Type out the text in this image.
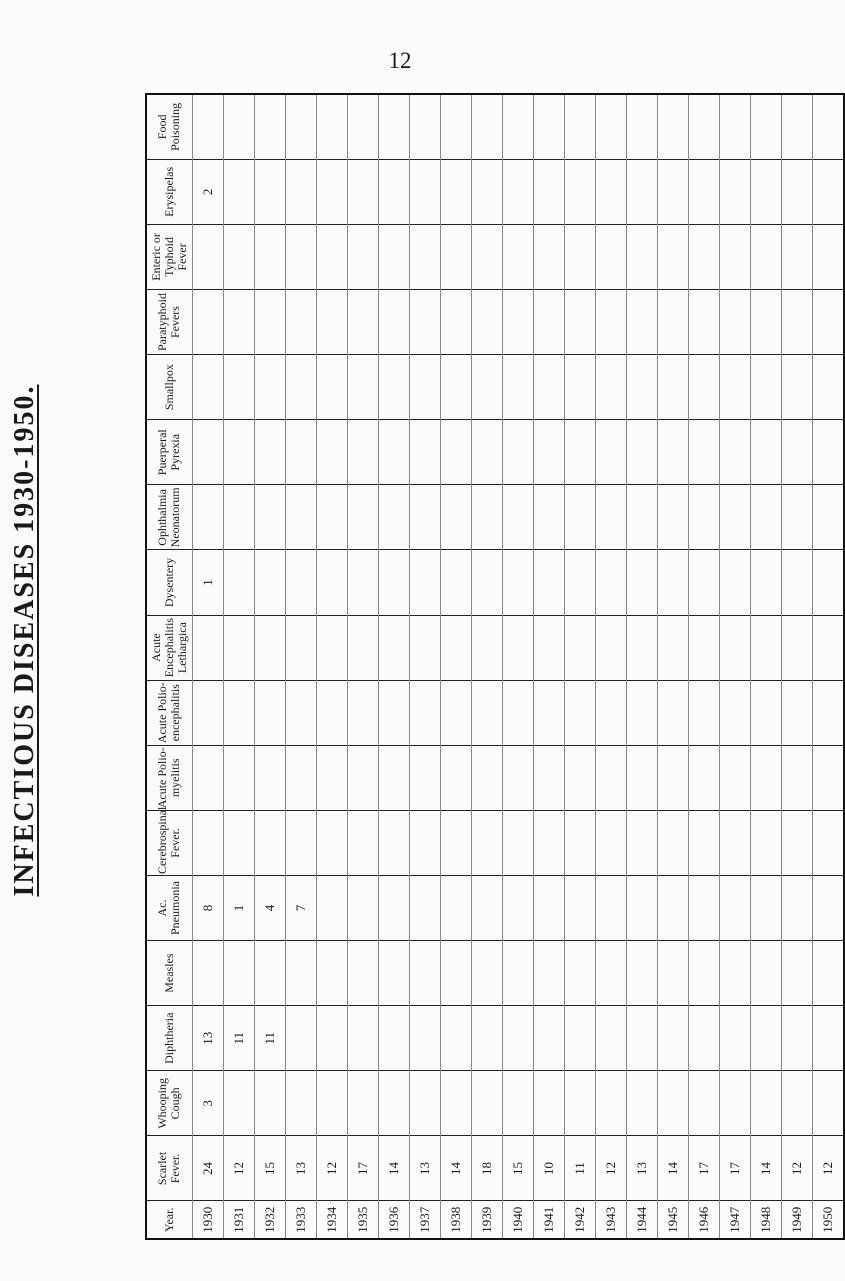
12
INFECTIOUS DISEASES 1930-1950.
Year.	Scarlet Fever.	Whooping Cough	Diphtheria	Measles	Ac. Pneumonia	Cerebrospinal Fever.	Acute Polio-myelitis	Acute Polio-encephalitis	Acute Encephalitis Lethargica	Dysentery	Ophthalmia Neonatorum	Puerperal Pyrexia	Smallpox	Paratyphoid Fevers	Enteric or Typhoid Fever	Erysipelas	Food Poisoning

1930	24	3	13		8					1						2	
1931	12		11		1												
1932	15		11		4												
1933	13				7												
1934	12																
1935	17																
1936	14																
1937	13																
1938	14																
1939	18																
1940	15																
1941	10																
1942	11																
1943	12																
1944	13																
1945	14																
1946	17																
1947	17																
1948	14																
1949	12																
1950	12																
